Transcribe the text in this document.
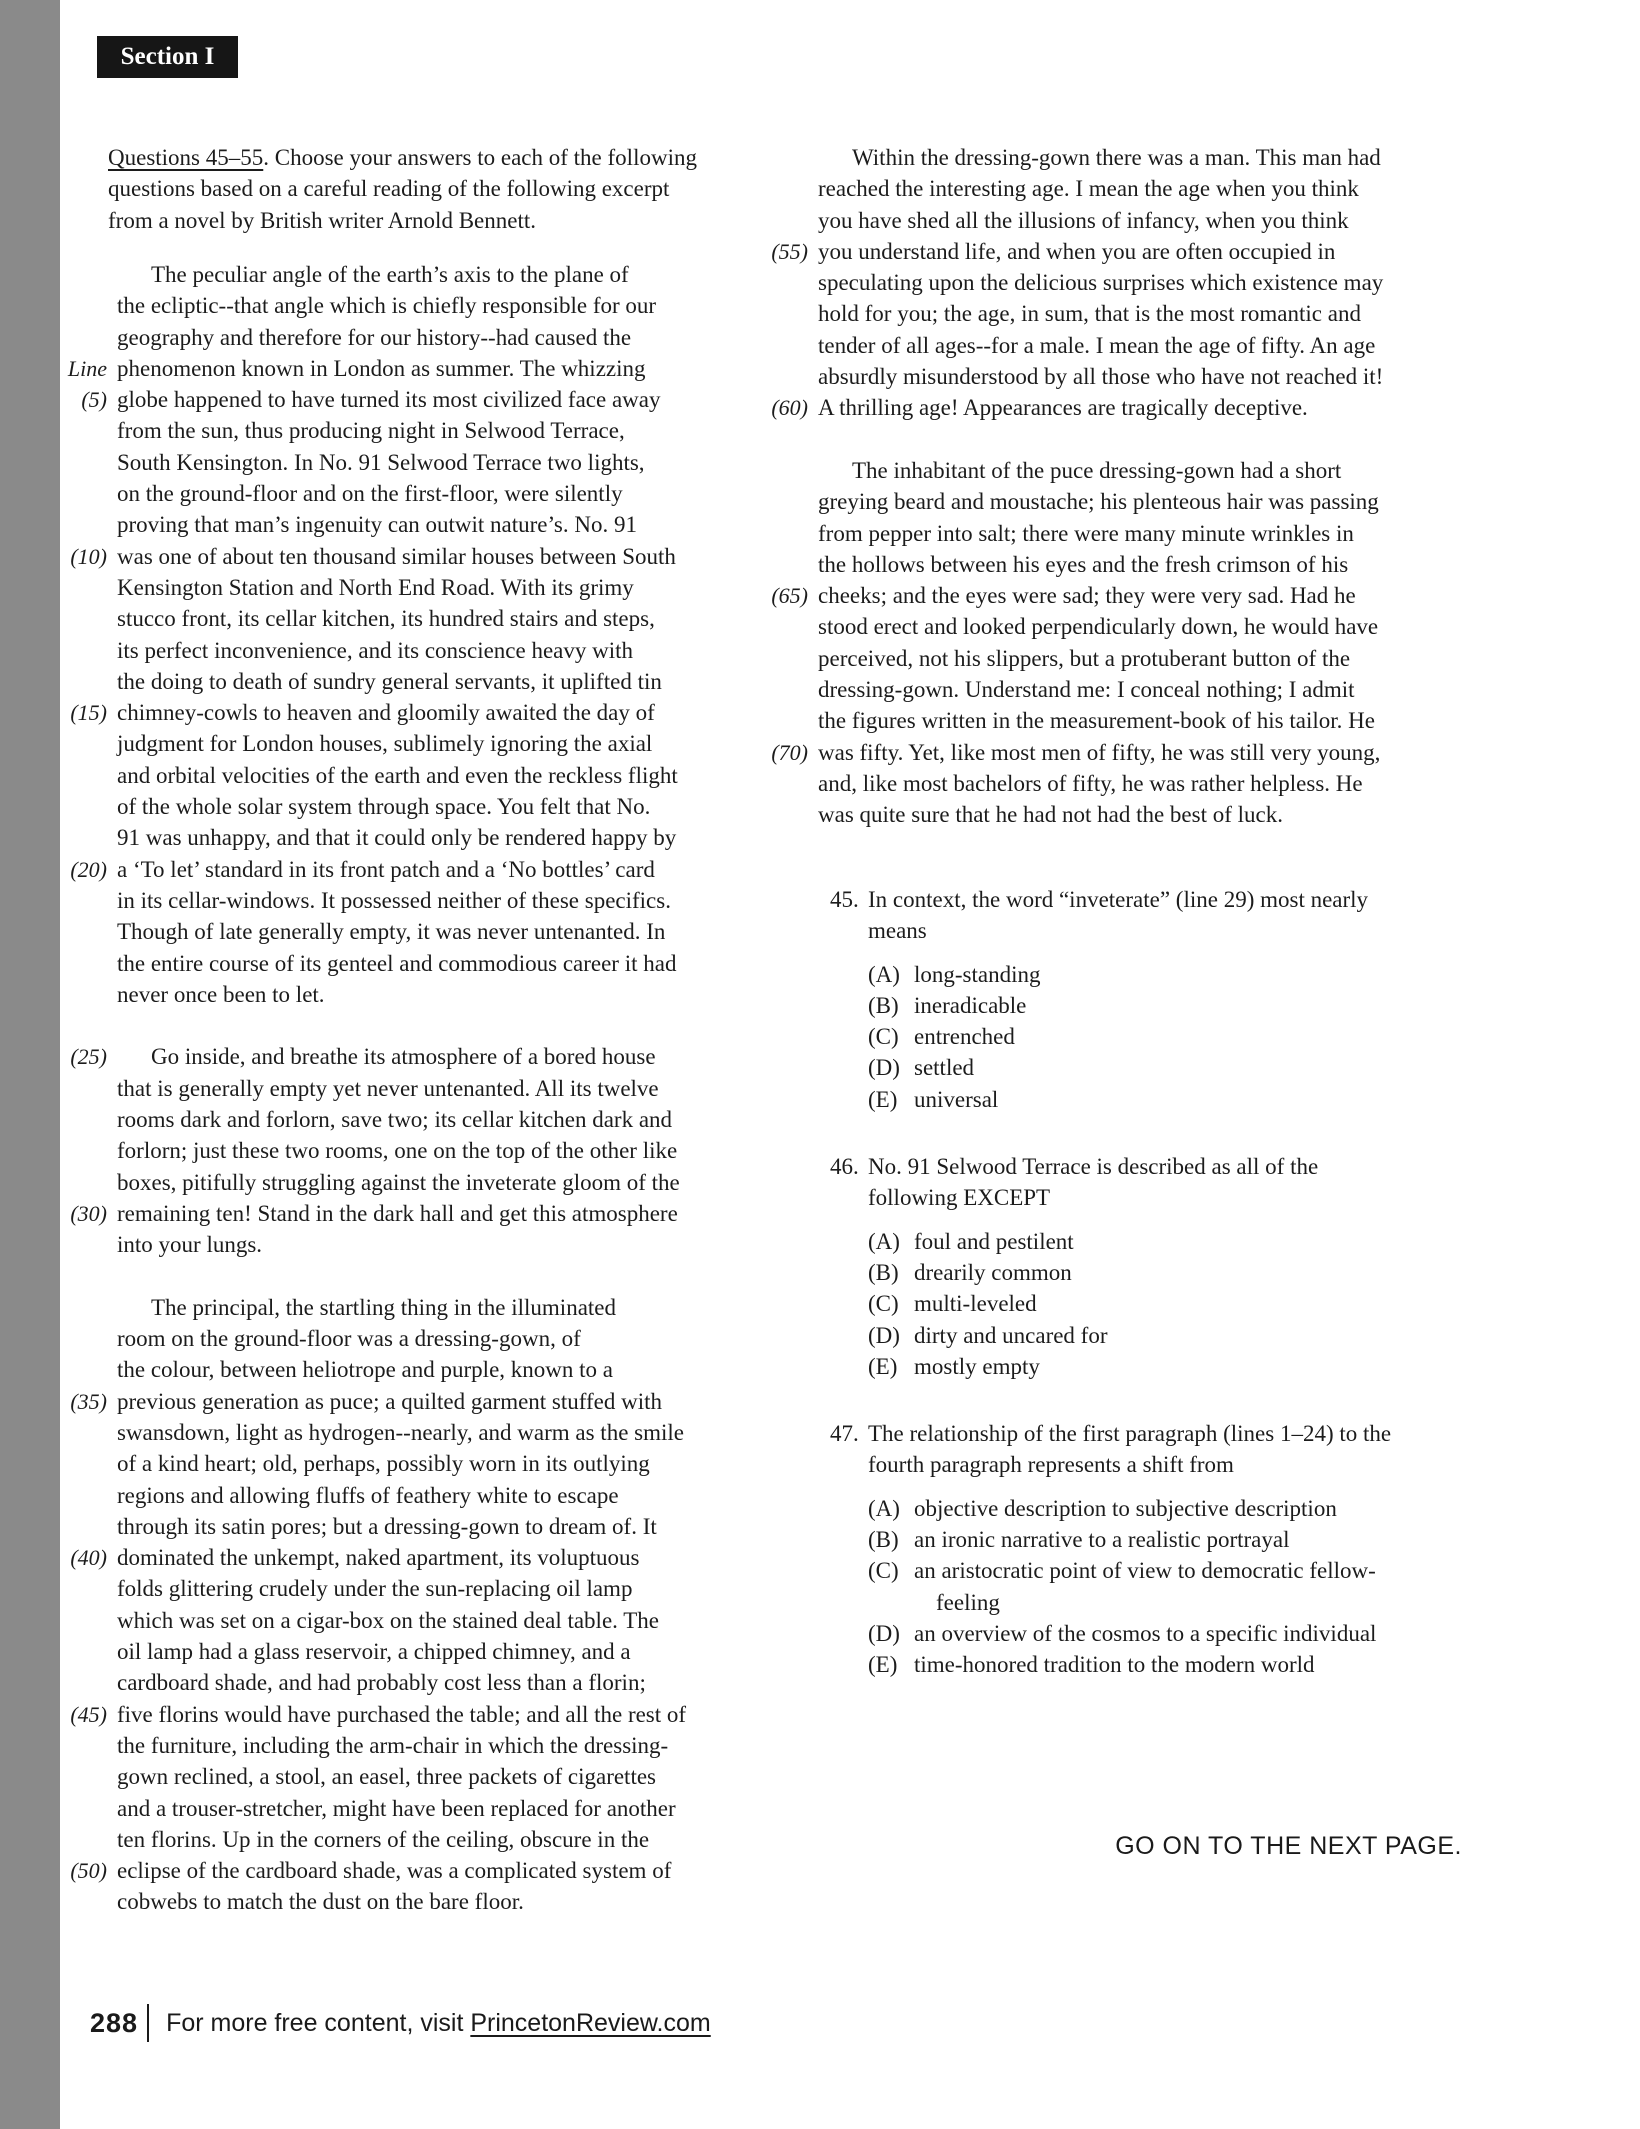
Section I
Questions 45–55. Choose your answers to each of the following
questions based on a careful reading of the following excerpt
from a novel by British writer Arnold Bennett.
The peculiar angle of the earth’s axis to the plane of
the ecliptic--that angle which is chiefly responsible for our
geography and therefore for our history--had caused the
Line phenomenon known in London as summer. The whizzing
(5) globe happened to have turned its most civilized face away
from the sun, thus producing night in Selwood Terrace,
South Kensington. In No. 91 Selwood Terrace two lights,
on the ground-floor and on the first-floor, were silently
proving that man’s ingenuity can outwit nature’s. No. 91
(10) was one of about ten thousand similar houses between South
Kensington Station and North End Road. With its grimy
stucco front, its cellar kitchen, its hundred stairs and steps,
its perfect inconvenience, and its conscience heavy with
the doing to death of sundry general servants, it uplifted tin
(15) chimney-cowls to heaven and gloomily awaited the day of
judgment for London houses, sublimely ignoring the axial
and orbital velocities of the earth and even the reckless flight
of the whole solar system through space. You felt that No.
91 was unhappy, and that it could only be rendered happy by
(20) a ‘To let’ standard in its front patch and a ‘No bottles’ card
in its cellar-windows. It possessed neither of these specifics.
Though of late generally empty, it was never untenanted. In
the entire course of its genteel and commodious career it had
never once been to let.
(25)	Go inside, and breathe its atmosphere of a bored house
that is generally empty yet never untenanted. All its twelve
rooms dark and forlorn, save two; its cellar kitchen dark and
forlorn; just these two rooms, one on the top of the other like
boxes, pitifully struggling against the inveterate gloom of the
(30) remaining ten! Stand in the dark hall and get this atmosphere
into your lungs.
The principal, the startling thing in the illuminated
room on the ground-floor was a dressing-gown, of
the colour, between heliotrope and purple, known to a
(35) previous generation as puce; a quilted garment stuffed with
swansdown, light as hydrogen--nearly, and warm as the smile
of a kind heart; old, perhaps, possibly worn in its outlying
regions and allowing fluffs of feathery white to escape
through its satin pores; but a dressing-gown to dream of. It
(40) dominated the unkempt, naked apartment, its voluptuous
folds glittering crudely under the sun-replacing oil lamp
which was set on a cigar-box on the stained deal table. The
oil lamp had a glass reservoir, a chipped chimney, and a
cardboard shade, and had probably cost less than a florin;
(45) five florins would have purchased the table; and all the rest of
the furniture, including the arm-chair in which the dressing-
gown reclined, a stool, an easel, three packets of cigarettes
and a trouser-stretcher, might have been replaced for another
ten florins. Up in the corners of the ceiling, obscure in the
(50) eclipse of the cardboard shade, was a complicated system of
cobwebs to match the dust on the bare floor.
Within the dressing-gown there was a man. This man had
reached the interesting age. I mean the age when you think
you have shed all the illusions of infancy, when you think
(55) you understand life, and when you are often occupied in
speculating upon the delicious surprises which existence may
hold for you; the age, in sum, that is the most romantic and
tender of all ages--for a male. I mean the age of fifty. An age
absurdly misunderstood by all those who have not reached it!
(60) A thrilling age! Appearances are tragically deceptive.
The inhabitant of the puce dressing-gown had a short
greying beard and moustache; his plenteous hair was passing
from pepper into salt; there were many minute wrinkles in
the hollows between his eyes and the fresh crimson of his
(65) cheeks; and the eyes were sad; they were very sad. Had he
stood erect and looked perpendicularly down, he would have
perceived, not his slippers, but a protuberant button of the
dressing-gown. Understand me: I conceal nothing; I admit
the figures written in the measurement-book of his tailor. He
(70) was fifty. Yet, like most men of fifty, he was still very young,
and, like most bachelors of fifty, he was rather helpless. He
was quite sure that he had not had the best of luck.
45. In context, the word “inveterate” (line 29) most nearly
means
(A) long-standing
(B) ineradicable
(C) entrenched
(D) settled
(E) universal
46. No. 91 Selwood Terrace is described as all of the
following EXCEPT
(A) foul and pestilent
(B) drearily common
(C) multi-leveled
(D) dirty and uncared for
(E) mostly empty
47. The relationship of the first paragraph (lines 1–24) to the
fourth paragraph represents a shift from
(A) objective description to subjective description
(B) an ironic narrative to a realistic portrayal
(C) an aristocratic point of view to democratic fellow-
feeling
(D) an overview of the cosmos to a specific individual
(E) time-honored tradition to the modern world
GO ON TO THE NEXT PAGE.
288 For more free content, visit PrincetonReview.com
